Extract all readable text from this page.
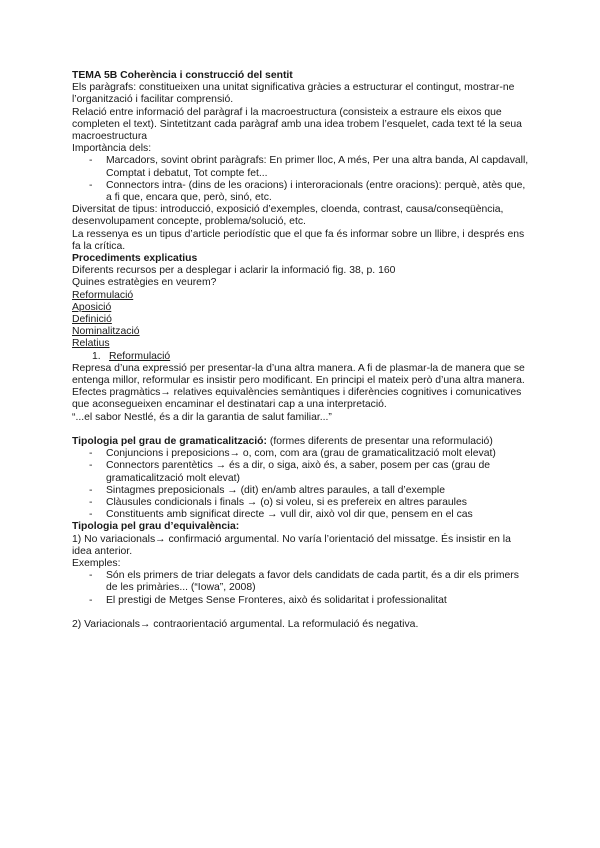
TEMA 5B Coherència i construcció del sentit

Els paràgrafs: constitueixen una unitat significativa gràcies a estructurar el contingut, mostrar-ne l’organització i facilitar comprensió.

Relació entre informació del paràgraf i la macroestructura (consisteix a estraure els eixos que completen el text). Sintetitzant cada paràgraf amb una idea trobem l’esquelet, cada text té la seua macroestructura

Importància dels:

- Marcadors, sovint obrint paràgrafs: En primer lloc, A més, Per una altra banda, Al capdavall, Comptat i debatut, Tot compte fet...
- Connectors intra- (dins de les oracions) i interoracionals (entre oracions): perquè, atès que, a fi que, encara que, però, sinó, etc.

Diversitat de tipus: introducció, exposició d’exemples, cloenda, contrast, causa/conseqüència, desenvolupament concepte, problema/solució, etc.

La ressenya es un tipus d’article periodístic que el que fa és informar sobre un llibre, i després ens fa la crítica.

Procediments explicatius

Diferents recursos per a desplegar i aclarir la informació fig. 38, p. 160

Quines estratègies en veurem?

Reformulació
Aposició
Definició
Nominalització
Relatius

1. Reformulació

Represa d’una expressió per presentar-la d’una altra manera. A fi de plasmar-la de manera que se entenga millor, reformular es insistir pero modificant. En principi el mateix però d’una altra manera.

Efectes pragmàtics→ relatives equivalències semàntiques i diferències cognitives i comunicatives que aconsegueixen encaminar el destinatari cap a una interpretació.

“...el sabor Nestlé, és a dir la garantia de salut familiar...”

Tipologia pel grau de gramaticalització: (formes diferents de presentar una reformulació)

- Conjuncions i preposicions→ o, com, com ara (grau de gramaticalització molt elevat)
- Connectors parentètics → és a dir, o siga, això és, a saber, posem per cas (grau de gramaticalització molt elevat)
- Sintagmes preposicionals → (dit) en/amb altres paraules, a tall d’exemple
- Clàusules condicionals i finals → (o) si voleu, si es prefereix en altres paraules
- Constituents amb significat directe → vull dir, això vol dir que, pensem en el cas

Tipologia pel grau d’equivalència:

1) No variacionals→ confirmació argumental. No varía l’orientació del missatge. És insistir en la idea anterior.

Exemples:

- Són els primers de triar delegats a favor dels candidats de cada partit, és a dir els primers de les primàries... (“Iowa”, 2008)
- El prestigi de Metges Sense Fronteres, això és solidaritat i professionalitat

2) Variacionals→ contraorientació argumental. La reformulació és negativa.
